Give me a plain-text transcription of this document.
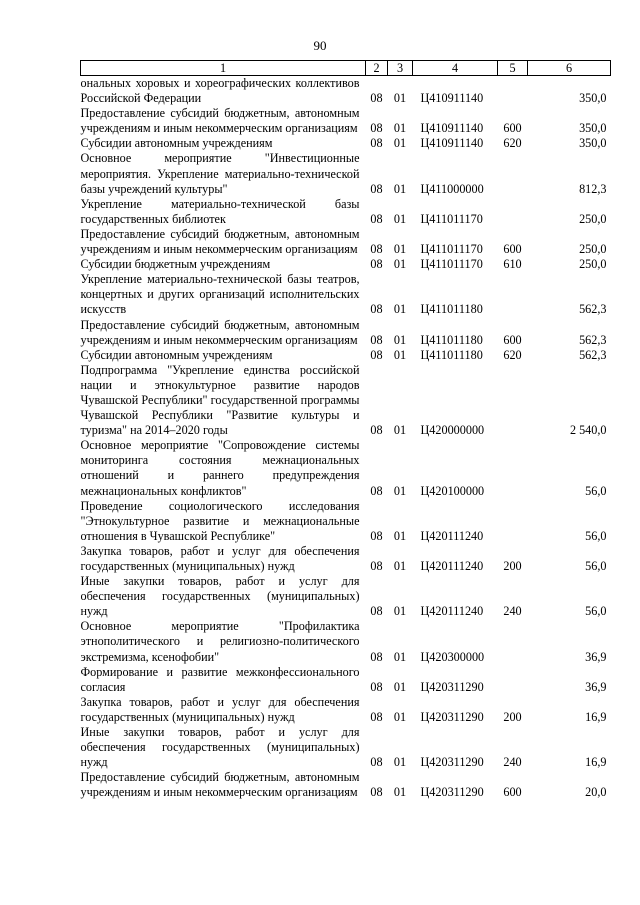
90
1	2	3	4	5	6
ональных хоровых и хореографических коллективов Российской Федерации	08	01	Ц410911140		350,0
Предоставление субсидий бюджетным, автономным учреждениям и иным некоммерческим организациям	08	01	Ц410911140	600	350,0
Субсидии автономным учреждениям	08	01	Ц410911140	620	350,0
Основное мероприятие "Инвестиционные мероприятия. Укрепление материально-технической базы учреждений культуры"	08	01	Ц411000000		812,3
Укрепление материально-технической базы государственных библиотек	08	01	Ц411011170		250,0
Предоставление субсидий бюджетным, автономным учреждениям и иным некоммерческим организациям	08	01	Ц411011170	600	250,0
Субсидии бюджетным учреждениям	08	01	Ц411011170	610	250,0
Укрепление материально-технической базы театров, концертных и других организаций исполнительских искусств	08	01	Ц411011180		562,3
Предоставление субсидий бюджетным, автономным учреждениям и иным некоммерческим организациям	08	01	Ц411011180	600	562,3
Субсидии автономным учреждениям	08	01	Ц411011180	620	562,3
Подпрограмма "Укрепление единства российской нации и этнокультурное развитие народов Чувашской Республики" государственной программы Чувашской Республики "Развитие культуры и туризма" на 2014–2020 годы	08	01	Ц420000000		2 540,0
Основное мероприятие "Сопровождение системы мониторинга состояния межнациональных отношений и раннего предупреждения межнациональных конфликтов"	08	01	Ц420100000		56,0
Проведение социологического исследования "Этнокультурное развитие и межнациональные отношения в Чувашской Республике"	08	01	Ц420111240		56,0
Закупка товаров, работ и услуг для обеспечения государственных (муниципальных) нужд	08	01	Ц420111240	200	56,0
Иные закупки товаров, работ и услуг для обеспечения государственных (муниципальных) нужд	08	01	Ц420111240	240	56,0
Основное мероприятие "Профилактика этнополитического и религиозно-политического экстремизма, ксенофобии"	08	01	Ц420300000		36,9
Формирование и развитие межконфессионального согласия	08	01	Ц420311290		36,9
Закупка товаров, работ и услуг для обеспечения государственных (муниципальных) нужд	08	01	Ц420311290	200	16,9
Иные закупки товаров, работ и услуг для обеспечения государственных (муниципальных) нужд	08	01	Ц420311290	240	16,9
Предоставление субсидий бюджетным, автономным учреждениям и иным некоммерческим организациям	08	01	Ц420311290	600	20,0
